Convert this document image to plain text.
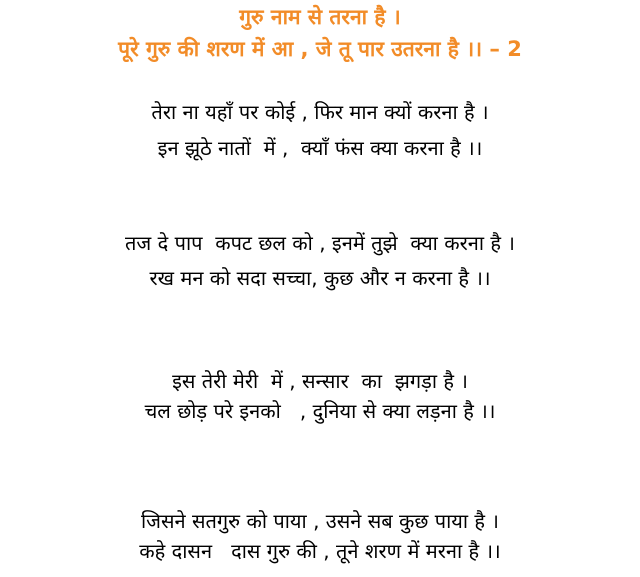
गुरु नाम से तरना है ।
पूरे गुरु की शरण में आ , जे तू पार उतरना है ।। – 2
तेरा ना यहाँ पर कोई , फिर मान क्यों करना है ।
इन झूठे नातों  में ,  क्याँ फंस क्या करना है ।।
तज दे पाप  कपट छल को , इनमें तुझे  क्या करना है ।
रख मन को सदा सच्चा, कुछ और न करना है ।।
इस तेरी मेरी  में , सन्सार  का  झगड़ा है ।
चल छोड़ परे इनको   , दुनिया से क्या लड़ना है ।।
जिसने सतगुरु को पाया , उसने सब कुछ पाया है ।
कहे दासन   दास गुरु की , तूने शरण में मरना है ।।
